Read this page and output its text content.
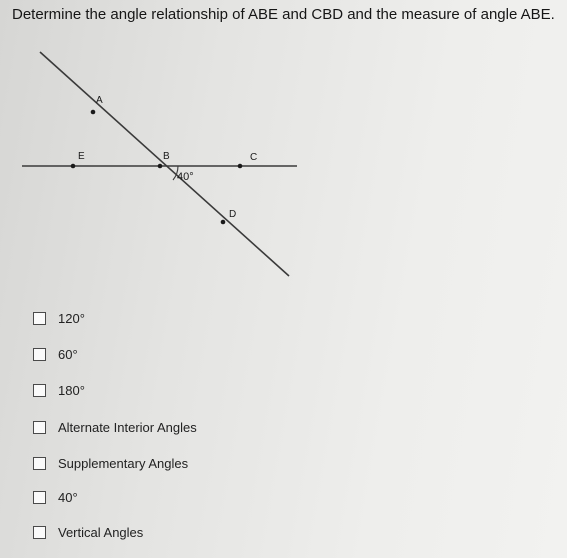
Determine the angle relationship of ABE and CBD and the measure of angle ABE.
A
E	B	C
D
40°
120°
60°
180°
Alternate Interior Angles
Supplementary Angles
40°
Vertical Angles
